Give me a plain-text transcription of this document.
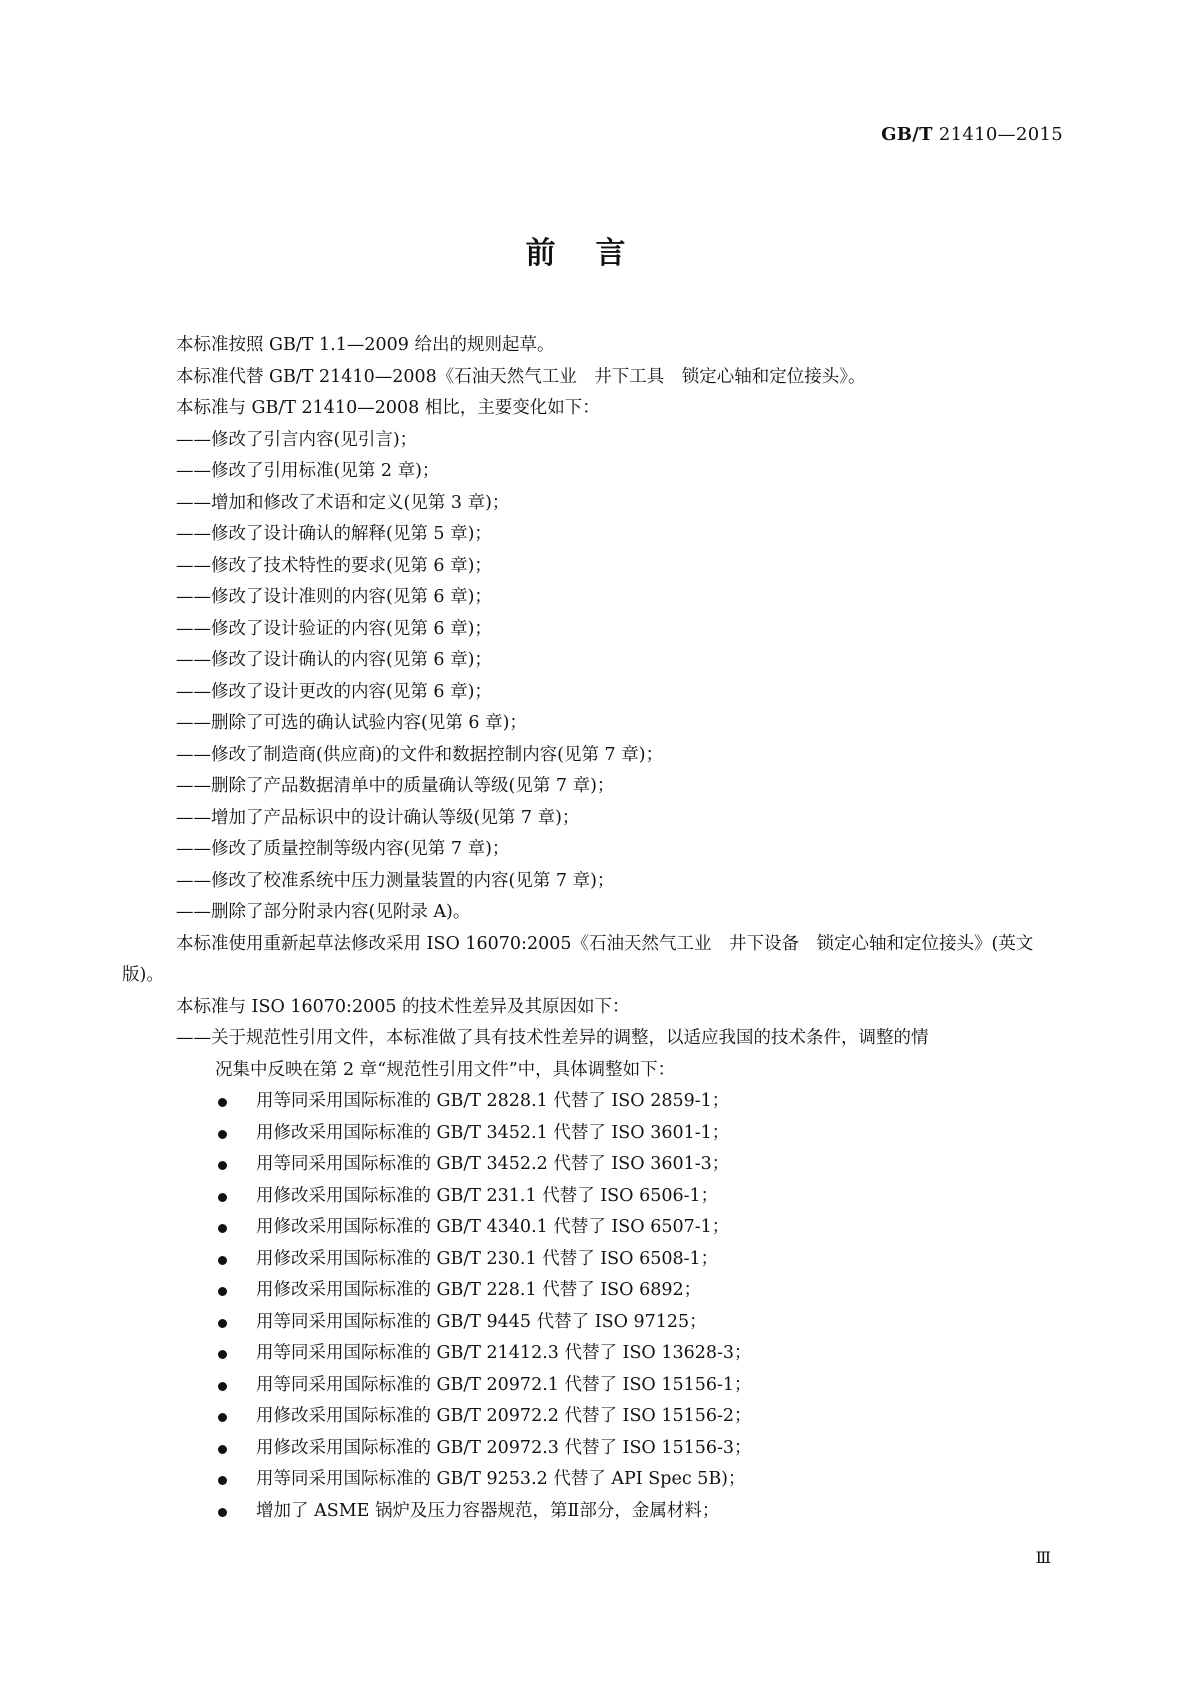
GB/T 21410—2015
前言

本标准按照 GB/T 1.1—2009 给出的规则起草。

本标准代替 GB/T 21410—2008《石油天然气工业　井下工具　锁定心轴和定位接头》。

本标准与 GB/T 21410—2008 相比，主要变化如下：

——修改了引言内容(见引言)；

——修改了引用标准(见第 2 章)；

——增加和修改了术语和定义(见第 3 章)；

——修改了设计确认的解释(见第 5 章)；

——修改了技术特性的要求(见第 6 章)；

——修改了设计准则的内容(见第 6 章)；

——修改了设计验证的内容(见第 6 章)；

——修改了设计确认的内容(见第 6 章)；

——修改了设计更改的内容(见第 6 章)；

——删除了可选的确认试验内容(见第 6 章)；

——修改了制造商(供应商)的文件和数据控制内容(见第 7 章)；

——删除了产品数据清单中的质量确认等级(见第 7 章)；

——增加了产品标识中的设计确认等级(见第 7 章)；

——修改了质量控制等级内容(见第 7 章)；

——修改了校准系统中压力测量装置的内容(见第 7 章)；

——删除了部分附录内容(见附录 A)。

本标准使用重新起草法修改采用 ISO 16070:2005《石油天然气工业　井下设备　锁定心轴和定位接头》(英文版)。

本标准与 ISO 16070:2005 的技术性差异及其原因如下：

——关于规范性引用文件，本标准做了具有技术性差异的调整，以适应我国的技术条件，调整的情

况集中反映在第 2 章“规范性引用文件”中，具体调整如下：

用等同采用国际标准的 GB/T 2828.1 代替了 ISO 2859-1；

用修改采用国际标准的 GB/T 3452.1 代替了 ISO 3601-1；

用等同采用国际标准的 GB/T 3452.2 代替了 ISO 3601-3；

用修改采用国际标准的 GB/T 231.1 代替了 ISO 6506-1；

用修改采用国际标准的 GB/T 4340.1 代替了 ISO 6507-1；

用修改采用国际标准的 GB/T 230.1 代替了 ISO 6508-1；

用修改采用国际标准的 GB/T 228.1 代替了 ISO 6892；

用等同采用国际标准的 GB/T 9445 代替了 ISO 97125；

用等同采用国际标准的 GB/T 21412.3 代替了 ISO 13628-3；

用等同采用国际标准的 GB/T 20972.1 代替了 ISO 15156-1；

用修改采用国际标准的 GB/T 20972.2 代替了 ISO 15156-2；

用修改采用国际标准的 GB/T 20972.3 代替了 ISO 15156-3；

用等同采用国际标准的 GB/T 9253.2 代替了 API Spec 5B)；

增加了 ASME 锅炉及压力容器规范，第Ⅱ部分，金属材料；

Ⅲ
